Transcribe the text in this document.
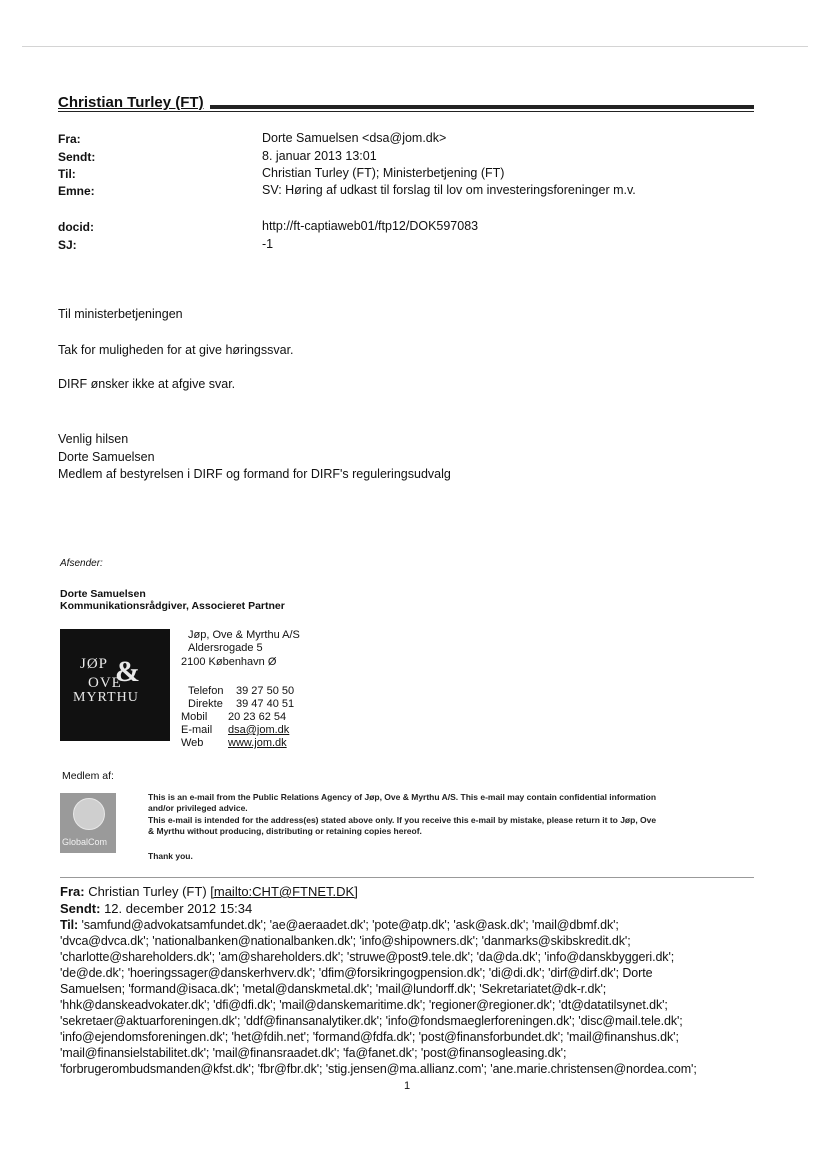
Christian Turley (FT)
Fra:	Dorte Samuelsen <dsa@jom.dk>
Sendt:	8. januar 2013 13:01
Til:	Christian Turley (FT); Ministerbetjening (FT)
Emne:	SV: Høring af udkast til forslag til lov om investeringsforeninger m.v.
docid:	http://ft-captiaweb01/ftp12/DOK597083
SJ:	-1
Til ministerbetjeningen
Tak for muligheden for at give høringssvar.
DIRF ønsker ikke at afgive svar.
Venlig hilsen
Dorte Samuelsen
Medlem af bestyrelsen i DIRF og formand for DIRF's reguleringsudvalg
Afsender:
Dorte Samuelsen
Kommunikationsrådgiver, Associeret Partner
JØP &
OVE
MYRTHU
Jøp, Ove & Myrthu A/S
Aldersrogade 5
2100 København Ø
Telefon 39 27 50 50
Direkte 39 47 40 51
Mobil 20 23 62 54
E-mail dsa@jom.dk
Web www.jom.dk
Medlem af:
GlobalCom
This is an e-mail from the Public Relations Agency of Jøp, Ove & Myrthu A/S. This e-mail may contain confidential information
and/or privileged advice.
This e-mail is intended for the address(es) stated above only. If you receive this e-mail by mistake, please return it to Jøp, Ove
& Myrthu without producing, distributing or retaining copies hereof.
Thank you.
Fra: Christian Turley (FT) [mailto:CHT@FTNET.DK]
Sendt: 12. december 2012 15:34
Til: 'samfund@advokatsamfundet.dk'; 'ae@aeraadet.dk'; 'pote@atp.dk'; 'ask@ask.dk'; 'mail@dbmf.dk';
'dvca@dvca.dk'; 'nationalbanken@nationalbanken.dk'; 'info@shipowners.dk'; 'danmarks@skibskredit.dk';
'charlotte@shareholders.dk'; 'am@shareholders.dk'; 'struwe@post9.tele.dk'; 'da@da.dk'; 'info@danskbyggeri.dk';
'de@de.dk'; 'hoeringssager@danskerhverv.dk'; 'dfim@forsikringogpension.dk'; 'di@di.dk'; 'dirf@dirf.dk'; Dorte
Samuelsen; 'formand@isaca.dk'; 'metal@danskmetal.dk'; 'mail@lundorff.dk'; 'Sekretariatet@dk-r.dk';
'hhk@danskeadvokater.dk'; 'dfi@dfi.dk'; 'mail@danskemaritime.dk'; 'regioner@regioner.dk'; 'dt@datatilsynet.dk';
'sekretaer@aktuarforeningen.dk'; 'ddf@finansanalytiker.dk'; 'info@fondsmaeglerforeningen.dk'; 'disc@mail.tele.dk';
'info@ejendomsforeningen.dk'; 'het@fdih.net'; 'formand@fdfa.dk'; 'post@finansforbundet.dk'; 'mail@finanshus.dk';
'mail@finansielstabilitet.dk'; 'mail@finansraadet.dk'; 'fa@fanet.dk'; 'post@finansogleasing.dk';
'forbrugerombudsmanden@kfst.dk'; 'fbr@fbr.dk'; 'stig.jensen@ma.allianz.com'; 'ane.marie.christensen@nordea.com';
1
